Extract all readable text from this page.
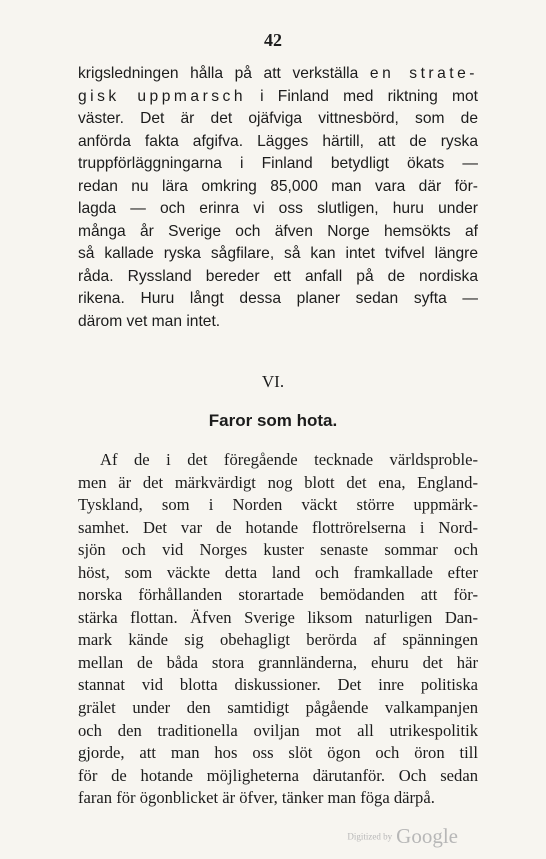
42
krigsledningen hålla på att verkställa en strate-
gisk uppmarsch i Finland med riktning mot
väster. Det är det ojäfviga vittnesbörd, som de
anförda fakta afgifva. Lägges härtill, att de ryska
truppförläggningarna i Finland betydligt ökats —
redan nu lära omkring 85,000 man vara där för-
lagda — och erinra vi oss slutligen, huru under
många år Sverige och äfven Norge hemsökts af
så kallade ryska sågfilare, så kan intet tvifvel längre
råda. Ryssland bereder ett anfall på de nordiska
rikena. Huru långt dessa planer sedan syfta —
därom vet man intet.
VI.
Faror som hota.
Af de i det föregående tecknade världsproble-
men är det märkvärdigt nog blott det ena, England-
Tyskland, som i Norden väckt större uppmärk-
samhet. Det var de hotande flottrörelserna i Nord-
sjön och vid Norges kuster senaste sommar och
höst, som väckte detta land och framkallade efter
norska förhållanden storartade bemödanden att för-
stärka flottan. Äfven Sverige liksom naturligen Dan-
mark kände sig obehagligt berörda af spänningen
mellan de båda stora grannländerna, ehuru det här
stannat vid blotta diskussioner. Det inre politiska
grälet under den samtidigt pågående valkampanjen
och den traditionella oviljan mot all utrikespolitik
gjorde, att man hos oss slöt ögon och öron till
för de hotande möjligheterna därutanför. Och sedan
faran för ögonblicket är öfver, tänker man föga därpå.
Digitized by Google
